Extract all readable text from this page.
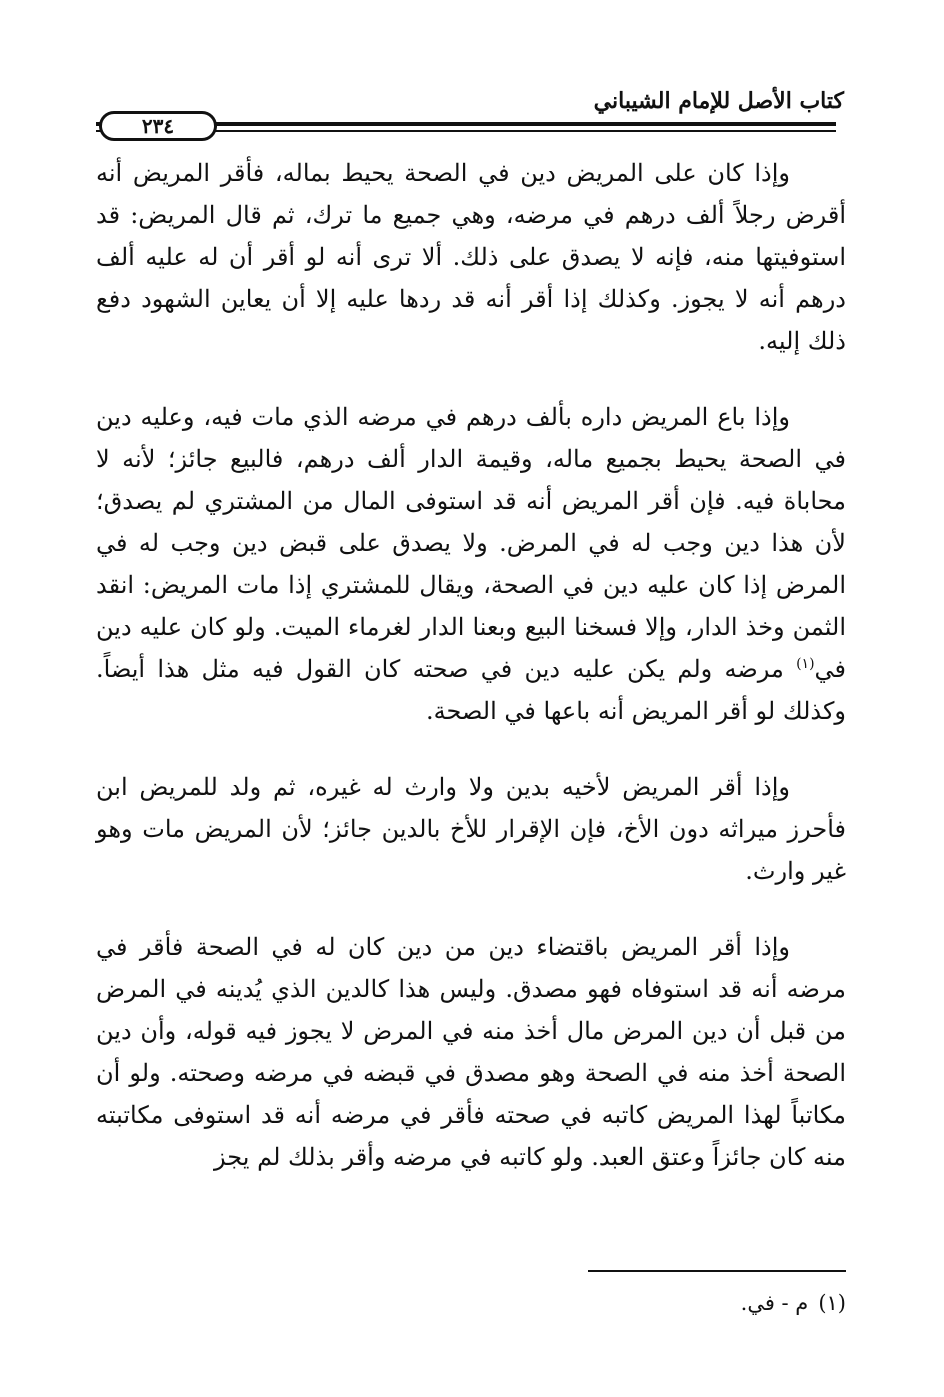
كتاب الأصل للإمام الشيباني
٢٣٤

وإذا كان على المريض دين في الصحة يحيط بماله، فأقر المريض أنه أقرض رجلاً ألف درهم في مرضه، وهي جميع ما ترك، ثم قال المريض: قد استوفيتها منه، فإنه لا يصدق على ذلك. ألا ترى أنه لو أقر أن له عليه ألف درهم أنه لا يجوز. وكذلك إذا أقر أنه قد ردها عليه إلا أن يعاين الشهود دفع ذلك إليه.

وإذا باع المريض داره بألف درهم في مرضه الذي مات فيه، وعليه دين في الصحة يحيط بجميع ماله، وقيمة الدار ألف درهم، فالبيع جائز؛ لأنه لا محاباة فيه. فإن أقر المريض أنه قد استوفى المال من المشتري لم يصدق؛ لأن هذا دين وجب له في المرض. ولا يصدق على قبض دين وجب له في المرض إذا كان عليه دين في الصحة، ويقال للمشتري إذا مات المريض: انقد الثمن وخذ الدار، وإلا فسخنا البيع وبعنا الدار لغرماء الميت. ولو كان عليه دين في$^{(١)}$ مرضه ولم يكن عليه دين في صحته كان القول فيه مثل هذا أيضاً. وكذلك لو أقر المريض أنه باعها في الصحة.

وإذا أقر المريض لأخيه بدين ولا وارث له غيره، ثم ولد للمريض ابن فأحرز ميراثه دون الأخ، فإن الإقرار للأخ بالدين جائز؛ لأن المريض مات وهو غير وارث.

وإذا أقر المريض باقتضاء دين من دين كان له في الصحة فأقر في مرضه أنه قد استوفاه فهو مصدق. وليس هذا كالدين الذي يُدينه في المرض من قبل أن دين المرض مال أخذ منه في المرض لا يجوز فيه قوله، وأن دين الصحة أخذ منه في الصحة وهو مصدق في قبضه في مرضه وصحته. ولو أن مكاتباً لهذا المريض كاتبه في صحته فأقر في مرضه أنه قد استوفى مكاتبته منه كان جائزاً وعتق العبد. ولو كاتبه في مرضه وأقر بذلك لم يجز

(١)م - في.
